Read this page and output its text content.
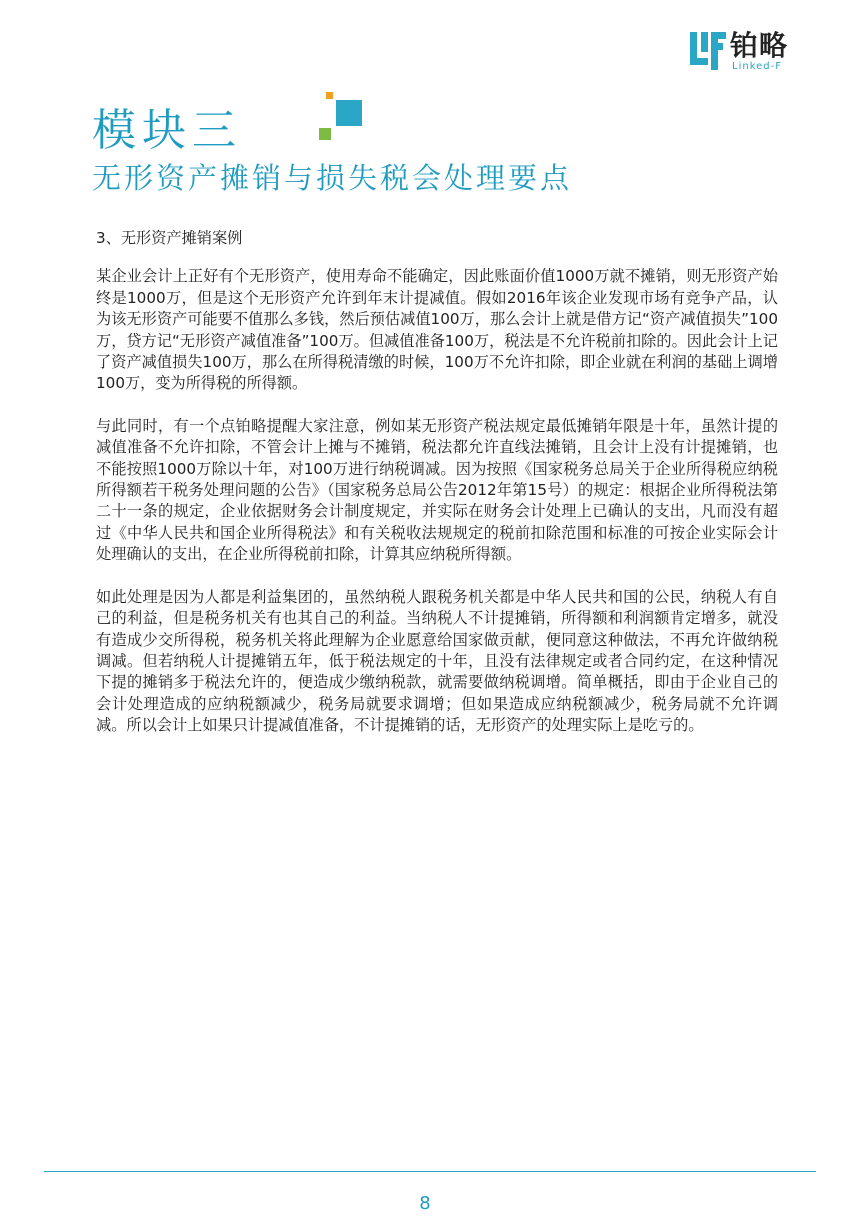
铂略
Linked-F
模块三
无形资产摊销与损失税会处理要点
3、无形资产摊销案例

某企业会计上正好有个无形资产，使用寿命不能确定，因此账面价值1000万就不摊销，则无形资产始终是1000万，但是这个无形资产允许到年末计提减值。假如2016年该企业发现市场有竞争产品，认为该无形资产可能要不值那么多钱，然后预估减值100万，那么会计上就是借方记“资产减值损失”100万，贷方记“无形资产减值准备”100万。但减值准备100万，税法是不允许税前扣除的。因此会计上记了资产减值损失100万，那么在所得税清缴的时候，100万不允许扣除，即企业就在利润的基础上调增100万，变为所得税的所得额。

与此同时，有一个点铂略提醒大家注意，例如某无形资产税法规定最低摊销年限是十年，虽然计提的减值准备不允许扣除，不管会计上摊与不摊销，税法都允许直线法摊销，且会计上没有计提摊销，也不能按照1000万除以十年，对100万进行纳税调减。因为按照《国家税务总局关于企业所得税应纳税所得额若干税务处理问题的公告》（国家税务总局公告2012年第15号）的规定：根据企业所得税法第二十一条的规定，企业依据财务会计制度规定，并实际在财务会计处理上已确认的支出，凡而没有超过《中华人民共和国企业所得税法》和有关税收法规规定的税前扣除范围和标准的可按企业实际会计处理确认的支出，在企业所得税前扣除，计算其应纳税所得额。

如此处理是因为人都是利益集团的，虽然纳税人跟税务机关都是中华人民共和国的公民，纳税人有自己的利益，但是税务机关有也其自己的利益。当纳税人不计提摊销，所得额和利润额肯定增多，就没有造成少交所得税，税务机关将此理解为企业愿意给国家做贡献，便同意这种做法，不再允许做纳税调减。但若纳税人计提摊销五年，低于税法规定的十年，且没有法律规定或者合同约定，在这种情况下提的摊销多于税法允许的，便造成少缴纳税款，就需要做纳税调增。简单概括，即由于企业自己的会计处理造成的应纳税额减少，税务局就要求调增；但如果造成应纳税额减少，税务局就不允许调减。所以会计上如果只计提减值准备，不计提摊销的话，无形资产的处理实际上是吃亏的。

8
